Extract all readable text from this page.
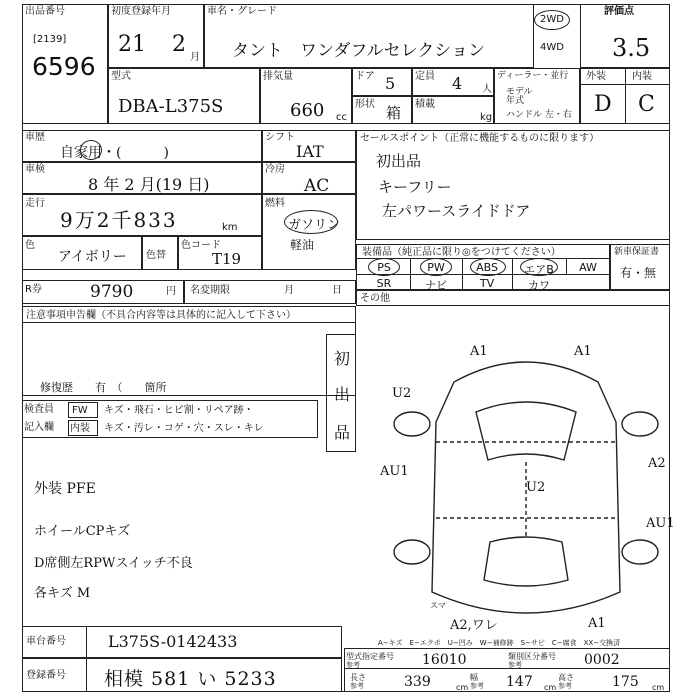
出品番号
[2139]
6596
初度登録年月
21 2
月
車名・グレード
タント　ワンダフルセレクション
2WD
4WD
評価点
3.5
型式
DBA-L375S
排気量
660 cc
ドア 5 定員 4 人
ディーラー・並行
モデル年式
ハンドル 左・右
形状 箱 積載
kg
外装	内装
D C
車歴
自家用・(　　　)
シフト
IAT
車検
8 年 2 月(19 日)
冷房
AC
走行
9万2千833	km
燃料
ガソリン
軽油
色
アイボリー 色替
色コード
T19
R券	9790	円 名変期限	月	日
セールスポイント（正常に機能するものに限ります）
初出品
キーフリー
左パワースライドドア
装備品（純正品に限り◎をつけてください）
PS	PW	ABS	エアB	AW
SR	ナビ	TV	カワ
新車保証書
有・無
その他
注意事項申告欄（不具合内容等は具体的に記入して下さい）
修復歴　　有　（　　箇所
初
出
品
検査員
記入欄
FW キズ・飛石・ヒビ割・リペア跡・
内装 キズ・汚レ・コゲ・穴・スレ・キレ
外装 PFE
ホイールCPキズ
D席側左RPWスイッチ不良
各キズ M
A1	A1
U2
AU1
U2
A2
AU1
A2,ワレ	A1
スマ
A−キズ　E−エクボ　U−凹み　W−補修跡　S−サビ　C−腐食　XX−交換済
車台番号	L375S-0142433
登録番号 相模 581 い 5233
型式指定番号
参考	16010	類別区分番号
参考	0002
長さ
参考	339	cm
幅
参考 147 cm
高さ
参考	175 cm
